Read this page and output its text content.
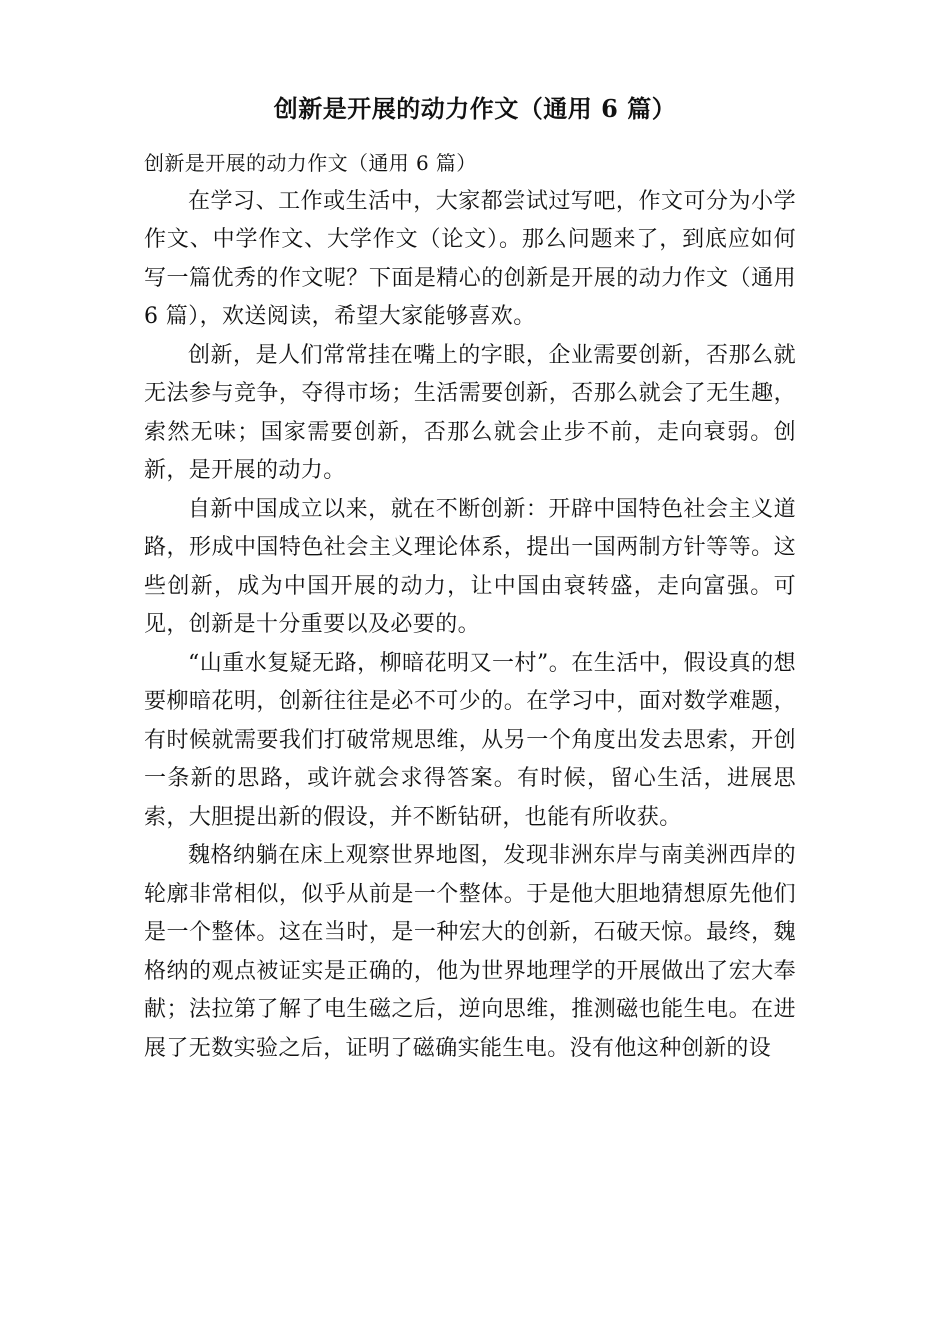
创新是开展的动力作文（通用 6 篇）

创新是开展的动力作文（通用 6 篇）

在学习、工作或生活中，大家都尝试过写吧，作文可分为小学作文、中学作文、大学作文（论文）。那么问题来了，到底应如何写一篇优秀的作文呢？下面是精心的创新是开展的动力作文（通用 6 篇），欢送阅读，希望大家能够喜欢。

创新，是人们常常挂在嘴上的字眼，企业需要创新，否那么就无法参与竞争，夺得市场；生活需要创新，否那么就会了无生趣，索然无味；国家需要创新，否那么就会止步不前，走向衰弱。创新，是开展的动力。

自新中国成立以来，就在不断创新：开辟中国特色社会主义道路，形成中国特色社会主义理论体系，提出一国两制方针等等。这些创新，成为中国开展的动力，让中国由衰转盛，走向富强。可见，创新是十分重要以及必要的。

“山重水复疑无路，柳暗花明又一村”。在生活中，假设真的想要柳暗花明，创新往往是必不可少的。在学习中，面对数学难题，有时候就需要我们打破常规思维，从另一个角度出发去思索，开创一条新的思路，或许就会求得答案。有时候，留心生活，进展思索，大胆提出新的假设，并不断钻研，也能有所收获。

魏格纳躺在床上观察世界地图，发现非洲东岸与南美洲西岸的轮廓非常相似，似乎从前是一个整体。于是他大胆地猜想原先他们是一个整体。这在当时，是一种宏大的创新，石破天惊。最终，魏格纳的观点被证实是正确的，他为世界地理学的开展做出了宏大奉献；法拉第了解了电生磁之后，逆向思维，推测磁也能生电。在进展了无数实验之后，证明了磁确实能生电。没有他这种创新的设
